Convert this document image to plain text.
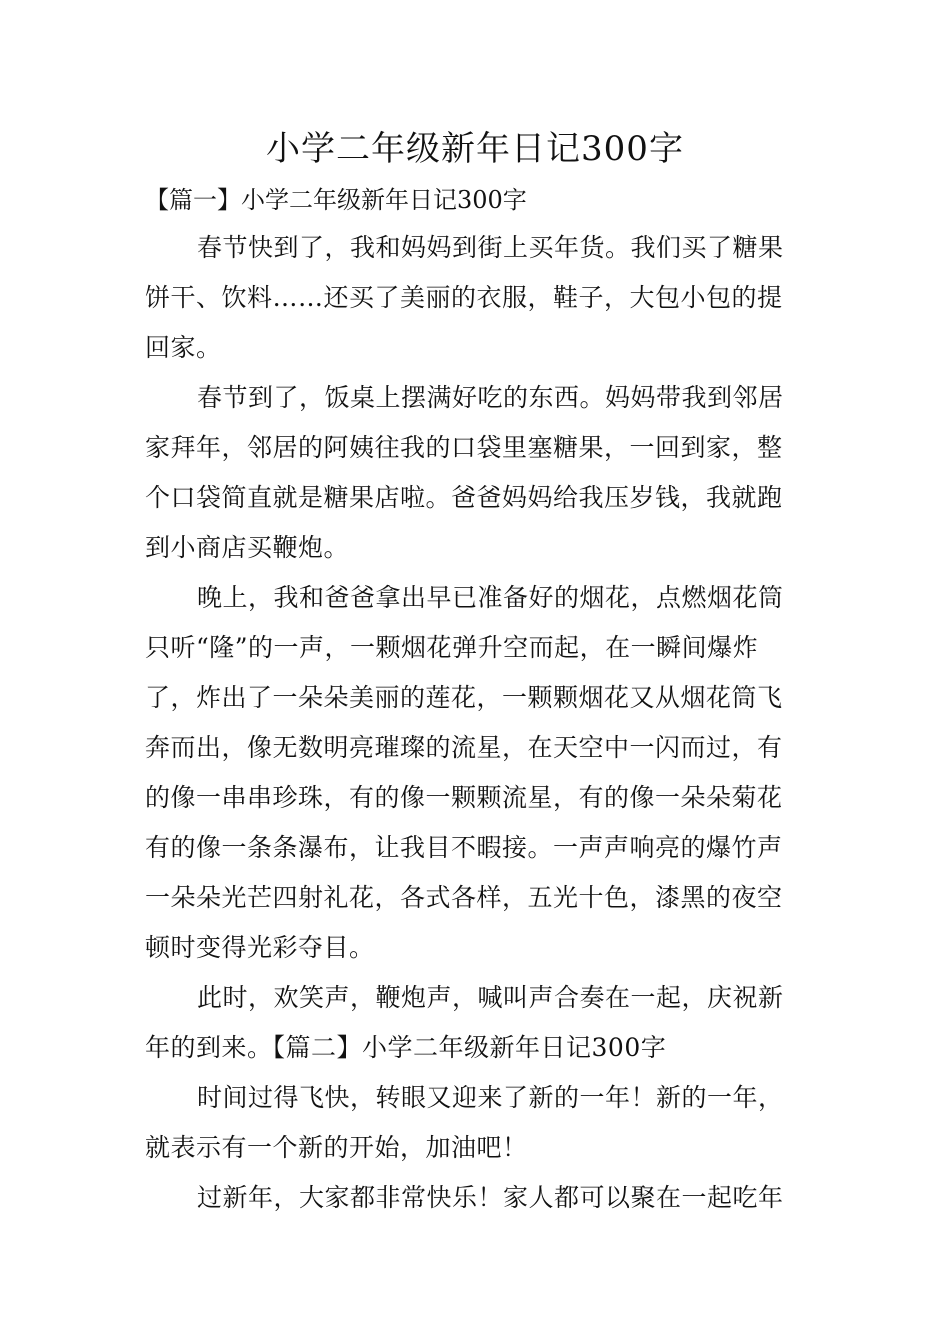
小学二年级新年日记300字

【篇一】小学二年级新年日记300字

春节快到了，我和妈妈到街上买年货。我们买了糖果

饼干、饮料……还买了美丽的衣服，鞋子，大包小包的提

回家。

春节到了，饭桌上摆满好吃的东西。妈妈带我到邻居

家拜年，邻居的阿姨往我的口袋里塞糖果，一回到家，整

个口袋简直就是糖果店啦。爸爸妈妈给我压岁钱，我就跑

到小商店买鞭炮。

晚上，我和爸爸拿出早已准备好的烟花，点燃烟花筒

只听“隆”的一声，一颗烟花弹升空而起，在一瞬间爆炸

了，炸出了一朵朵美丽的莲花，一颗颗烟花又从烟花筒飞

奔而出，像无数明亮璀璨的流星，在天空中一闪而过，有

的像一串串珍珠，有的像一颗颗流星，有的像一朵朵菊花

有的像一条条瀑布，让我目不暇接。一声声响亮的爆竹声

一朵朵光芒四射礼花，各式各样，五光十色，漆黑的夜空

顿时变得光彩夺目。

此时，欢笑声，鞭炮声，喊叫声合奏在一起，庆祝新

年的到来。【篇二】小学二年级新年日记300字

时间过得飞快，转眼又迎来了新的一年！新的一年，

就表示有一个新的开始，加油吧！

过新年，大家都非常快乐！家人都可以聚在一起吃年
